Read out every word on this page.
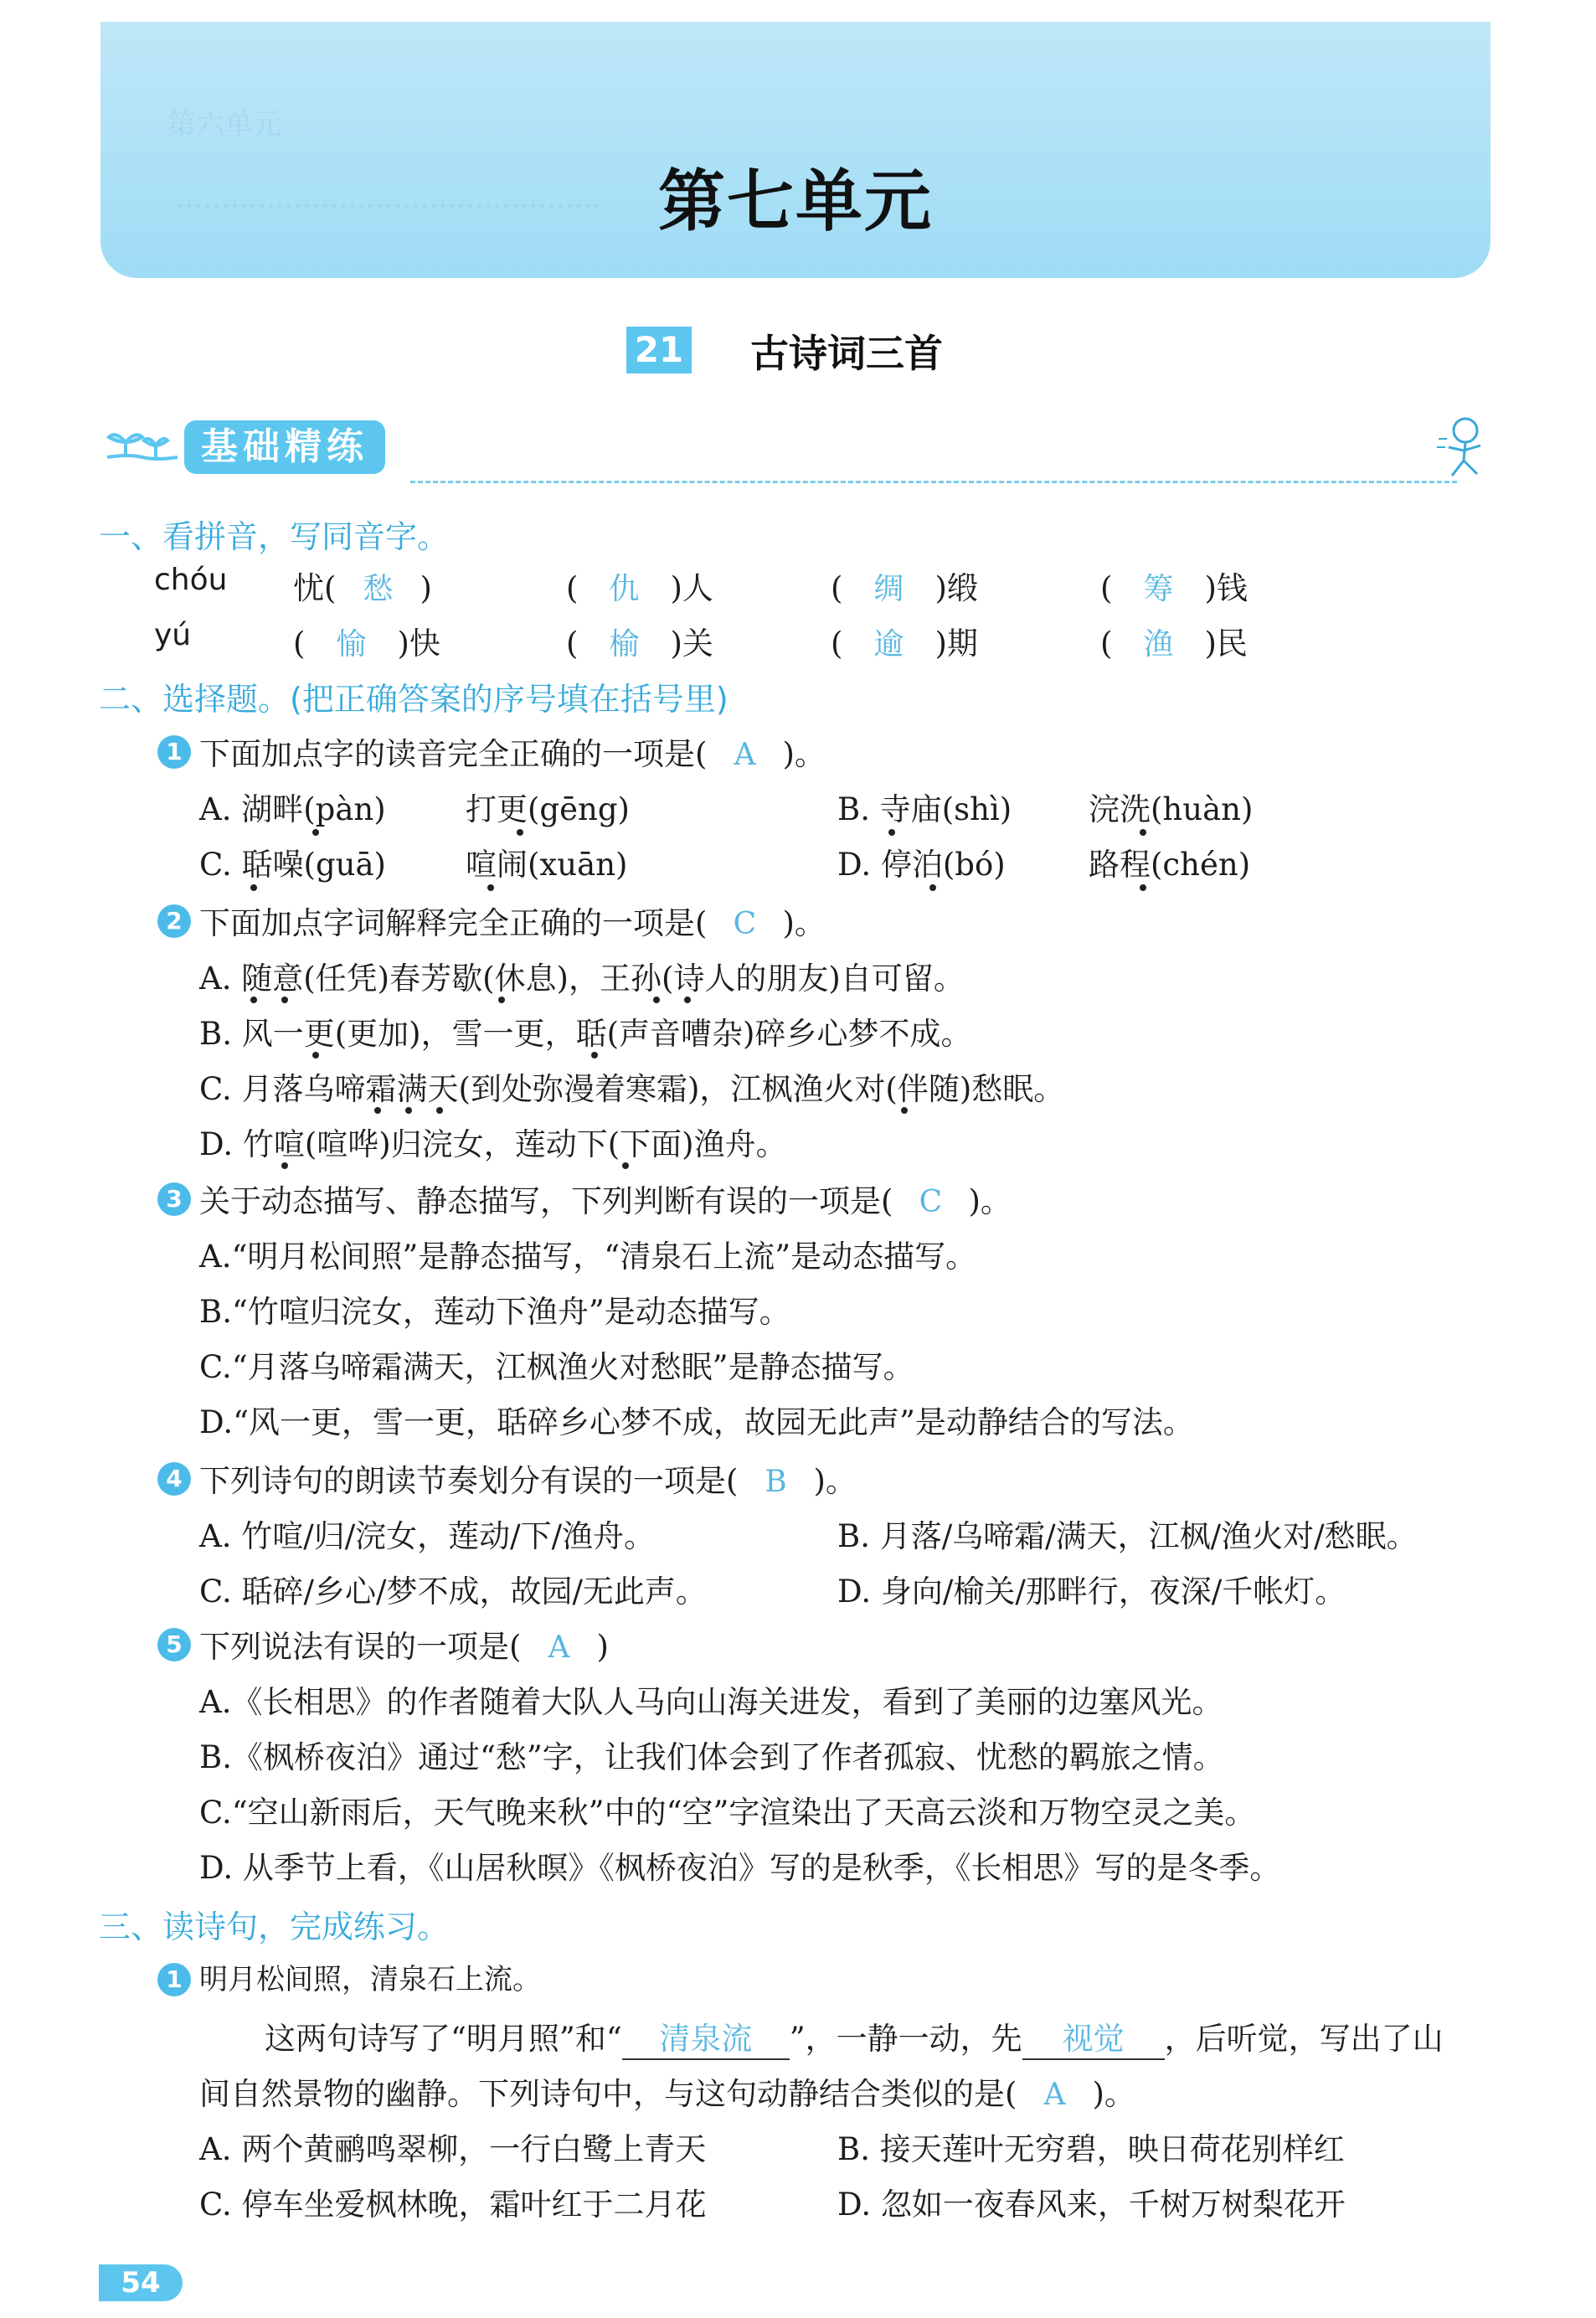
第六单元
............................................... 第七单元
21 古诗词三首
基础精练
一、看拼音，写同音字。
chóu 忧( 愁 )	( 仇 )人	( 绸 )缎	( 筹 )钱
yú	( 愉 )快	( 榆 )关	( 逾 )期	( 渔 )民
二、选择题。(把正确答案的序号填在括号里)
1 下面加点字的读音完全正确的一项是( A )。
A. 湖畔(pàn)	打更(gēng)	B. 寺庙(shì) 浣洗(huàn)
C. 聒噪(guā)	喧闹(xuān)	D. 停泊(bó)	路程(chén)
2 下面加点字词解释完全正确的一项是( C )。
A. 随意(任凭)春芳歇(休息)，王孙(诗人的朋友)自可留。
B. 风一更(更加)，雪一更，聒(声音嘈杂)碎乡心梦不成。
C. 月落乌啼霜满天(到处弥漫着寒霜)，江枫渔火对(伴随)愁眠。
D. 竹喧(喧哗)归浣女，莲动下(下面)渔舟。
3 关于动态描写、静态描写，下列判断有误的一项是( C )。
A.“明月松间照”是静态描写，“清泉石上流”是动态描写。
B.“竹喧归浣女，莲动下渔舟”是动态描写。
C.“月落乌啼霜满天，江枫渔火对愁眠”是静态描写。
D.“风一更，雪一更，聒碎乡心梦不成，故园无此声”是动静结合的写法。
4 下列诗句的朗读节奏划分有误的一项是( B )。
A. 竹喧/归/浣女，莲动/下/渔舟。	B. 月落/乌啼霜/满天，江枫/渔火对/愁眠。
C. 聒碎/乡心/梦不成，故园/无此声。	D. 身向/榆关/那畔行，夜深/千帐灯。
5 下列说法有误的一项是( A )
A.《长相思》的作者随着大队人马向山海关进发，看到了美丽的边塞风光。
B.《枫桥夜泊》通过“愁”字，让我们体会到了作者孤寂、忧愁的羁旅之情。
C.“空山新雨后，天气晚来秋”中的“空”字渲染出了天高云淡和万物空灵之美。
D. 从季节上看，《山居秋暝》《枫桥夜泊》写的是秋季，《长相思》写的是冬季。
三、读诗句，完成练习。
1 明月松间照，清泉石上流。
这两句诗写了“明月照”和“ 清泉流 ”，一静一动，先 视觉 ，后听觉，写出了山
间自然景物的幽静。下列诗句中，与这句动静结合类似的是( A )。
A. 两个黄鹂鸣翠柳，一行白鹭上青天	B. 接天莲叶无穷碧，映日荷花别样红
C. 停车坐爱枫林晚，霜叶红于二月花	D. 忽如一夜春风来，千树万树梨花开
54
